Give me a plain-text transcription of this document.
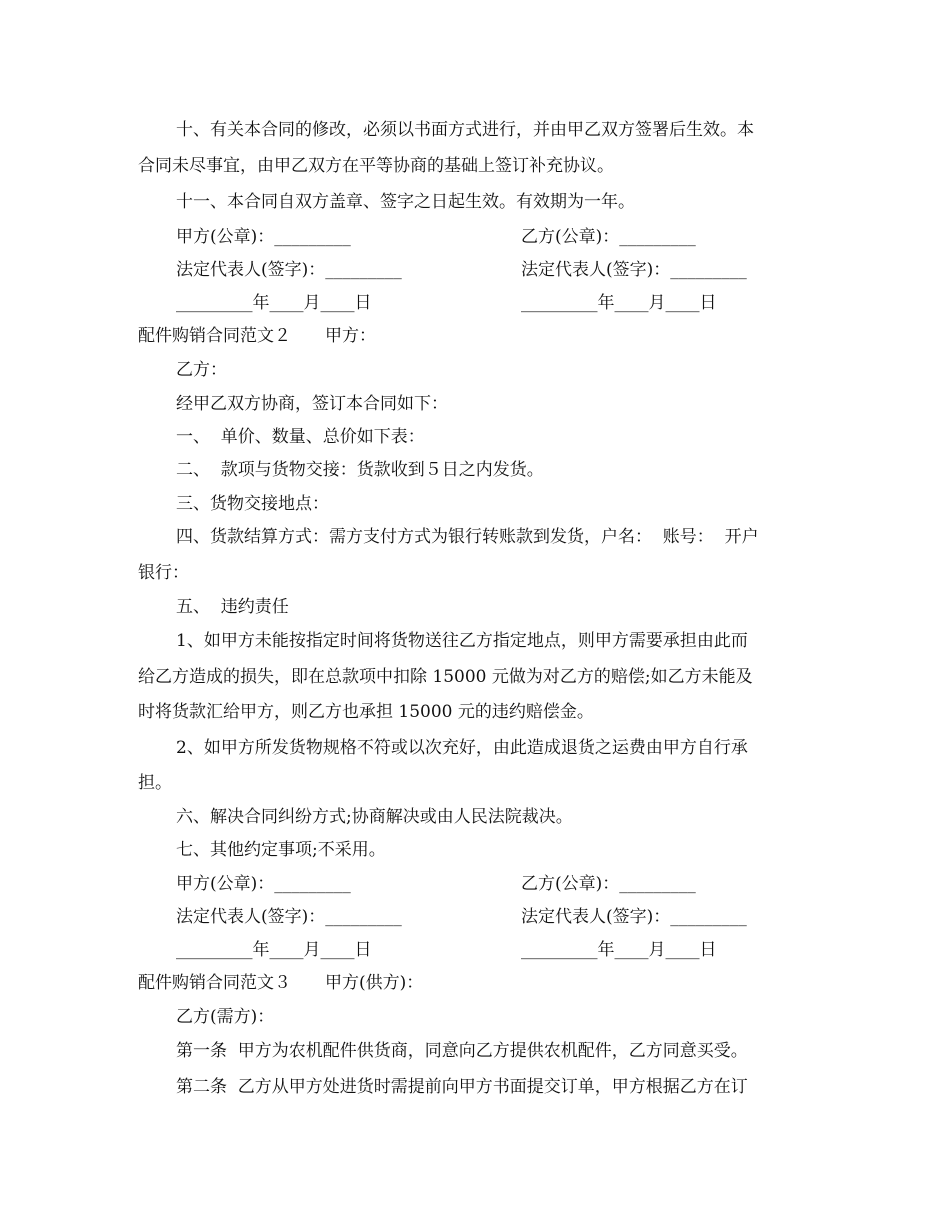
十、有关本合同的修改，必须以书面方式进行，并由甲乙双方签署后生效。本
合同未尽事宜，由甲乙双方在平等协商的基础上签订补充协议。
十一、本合同自双方盖章、签字之日起生效。有效期为一年。
甲方(公章)：_________	乙方(公章)：_________
法定代表人(签字)：_________	法定代表人(签字)：_________
_________年____月____日	_________年____月____日
配件购销合同范文２　　甲方：
乙方：
经甲乙双方协商，签订本合同如下：
一、  单价、数量、总价如下表：
二、  款项与货物交接：货款收到５日之内发货。
三、货物交接地点：
四、货款结算方式：需方支付方式为银行转账款到发货，户名：  账号：  开户
银行：
五、  违约责任
1、如甲方未能按指定时间将货物送往乙方指定地点，则甲方需要承担由此而
给乙方造成的损失，即在总款项中扣除 15000 元做为对乙方的赔偿;如乙方未能及
时将货款汇给甲方，则乙方也承担 15000 元的违约赔偿金。
2、如甲方所发货物规格不符或以次充好，由此造成退货之运费由甲方自行承
担。
六、解决合同纠纷方式;协商解决或由人民法院裁决。
七、其他约定事项;不采用。
甲方(公章)：_________	乙方(公章)：_________
法定代表人(签字)：_________	法定代表人(签字)：_________
_________年____月____日	_________年____月____日
配件购销合同范文３　　甲方(供方)：
乙方(需方)：
第一条  甲方为农机配件供货商，同意向乙方提供农机配件，乙方同意买受。
第二条  乙方从甲方处进货时需提前向甲方书面提交订单，甲方根据乙方在订
